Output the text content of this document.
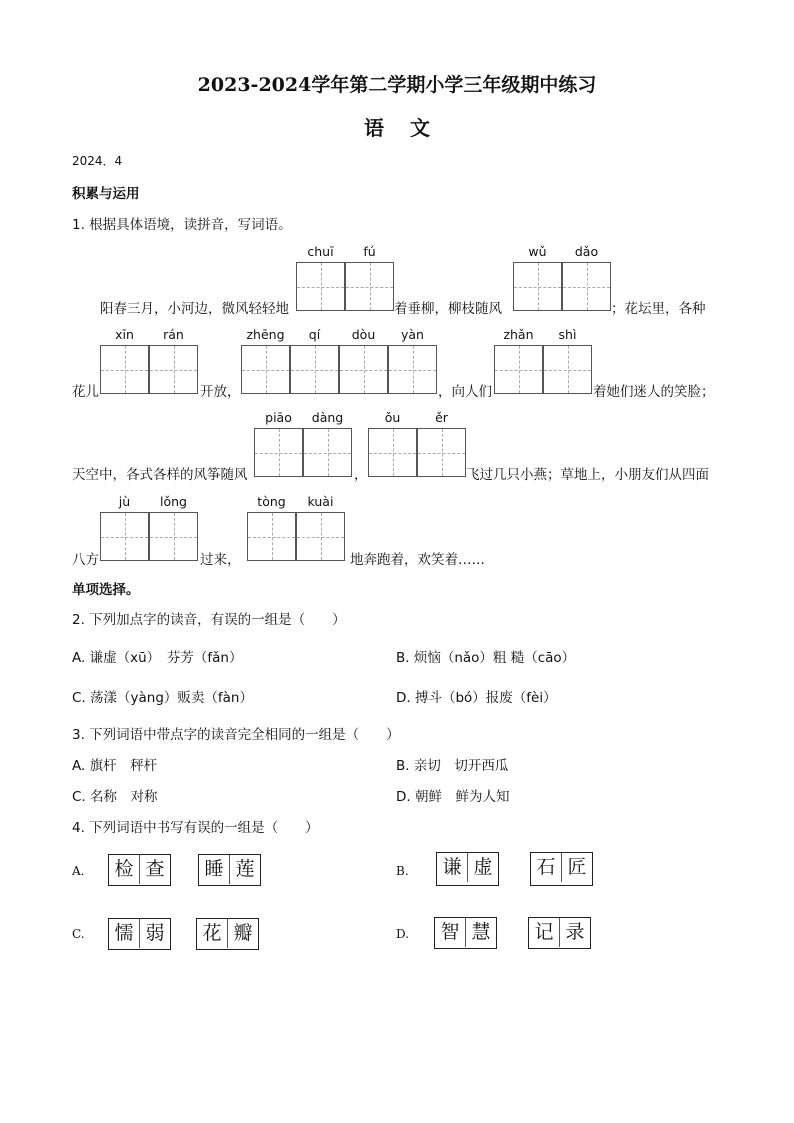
2023-2024学年第二学期小学三年级期中练习
语文
2024．4
积累与运用
1. 根据具体语境，读拼音，写词语。
chuī	fú	wǔ	dǎo
阳春三月，小河边，微风轻轻地	着垂柳，柳枝随风	；花坛里，各种
xīn	rán	zhēng	qí	dòu	yàn	zhǎn	shì
花儿	开放，	，向人们	着她们迷人的笑脸；
piāo	dàng	ǒu	ěr
天空中，各式各样的风筝随风	，	飞过几只小燕；草地上，小朋友们从四面
jù	lǒng	tòng	kuài
八方	过来，	地奔跑着，欢笑着……
单项选择。
2. 下列加点字的读音，有误的一组是（　　）
A. 谦虚（xū）　芬芳（fǎn）	B. 烦恼（nǎo）粗 糙（cāo）
C. 荡漾（yàng）贩卖（fàn）	D. 搏斗（bó）报废（fèi）
3. 下列词语中带点字的读音完全相同的一组是（　　）
A. 旗杆　秤杆	B. 亲切　切开西瓜
C. 名称　对称	D. 朝鲜　鲜为人知
4. 下列词语中书写有误的一组是（　　）
A. 检 查 睡 莲	B. 谦 虚 石 匠
C. 懦 弱 花 瓣	D. 智 慧 记 录
